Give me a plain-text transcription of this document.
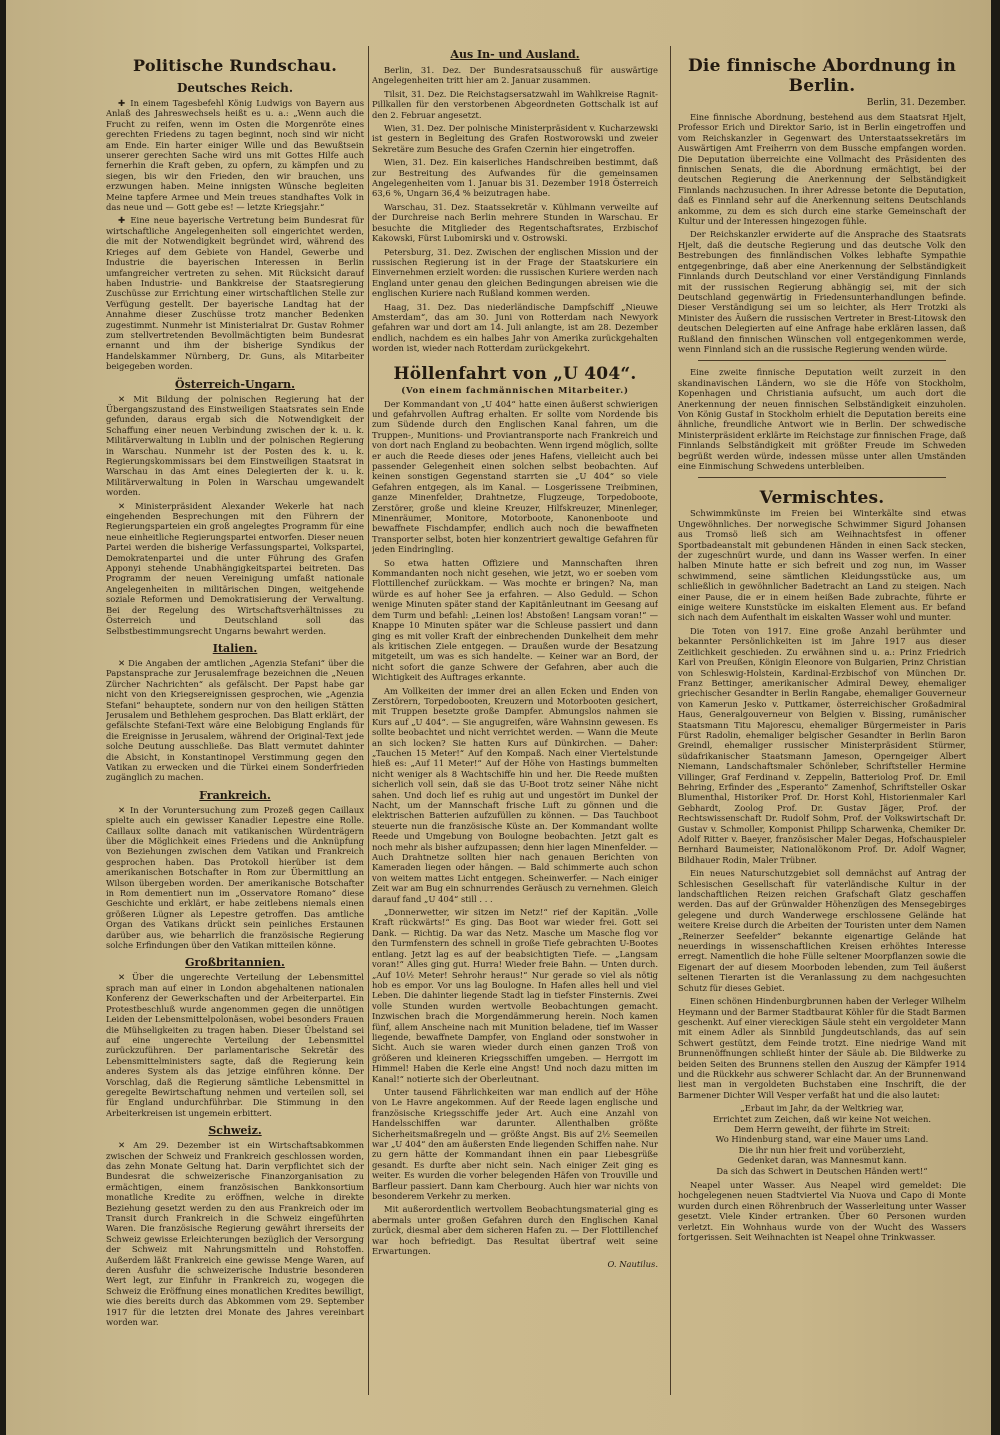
Politische Rundschau.
Deutsches Reich.

✚ In einem Tagesbefehl König Ludwigs von Bayern aus Anlaß des Jahreswechsels heißt es u. a.: „Wenn auch die Frucht zu reifen, wenn im Osten die Morgenröte eines gerechten Friedens zu tagen beginnt, noch sind wir nicht am Ende. Ein harter einiger Wille und das Bewußtsein unserer gerechten Sache wird uns mit Gottes Hilfe auch fernerhin die Kraft geben, zu opfern, zu kämpfen und zu siegen, bis wir den Frieden, den wir brauchen, uns erzwungen haben. Meine innigsten Wünsche begleiten Meine tapfere Armee und Mein treues standhaftes Volk in das neue und — Gott gebe es! — letzte Kriegsjahr.“

✚ Eine neue bayerische Vertretung beim Bundesrat für wirtschaftliche Angelegenheiten soll eingerichtet werden, die mit der Notwendigkeit begründet wird, während des Krieges auf dem Gebiete von Handel, Gewerbe und Industrie die bayerischen Interessen in Berlin umfangreicher vertreten zu sehen. Mit Rücksicht darauf haben Industrie- und Bankkreise der Staatsregierung Zuschüsse zur Errichtung einer wirtschaftlichen Stelle zur Verfügung gestellt. Der bayerische Landtag hat der Annahme dieser Zuschüsse trotz mancher Bedenken zugestimmt. Nunmehr ist Ministerialrat Dr. Gustav Rohmer zum stellvertretenden Bevollmächtigten beim Bundesrat ernannt und ihm der bisherige Syndikus der Handelskammer Nürnberg, Dr. Guns, als Mitarbeiter beigegeben worden.

Österreich-Ungarn.

✕ Mit Bildung der polnischen Regierung hat der Übergangszustand des Einstweiligen Staatsrates sein Ende gefunden, daraus ergab sich die Notwendigkeit der Schaffung einer neuen Verbindung zwischen der k. u. k. Militärverwaltung in Lublin und der polnischen Regierung in Warschau. Nunmehr ist der Posten des k. u. k. Regierungskommissars bei dem Einstweiligen Staatsrat in Warschau in das Amt eines Delegierten der k. u. k. Militärverwaltung in Polen in Warschau umgewandelt worden.

✕ Ministerpräsident Alexander Wekerle hat nach eingehenden Besprechungen mit den Führern der Regierungsparteien ein groß angelegtes Programm für eine neue einheitliche Regierungspartei entworfen. Dieser neuen Partei werden die bisherige Verfassungspartei, Volkspartei, Demokratenpartei und die unter Führung des Grafen Apponyi stehende Unabhängigkeitspartei beitreten. Das Programm der neuen Vereinigung umfaßt nationale Angelegenheiten in militärischen Dingen, weitgehende soziale Reformen und Demokratisierung der Verwaltung. Bei der Regelung des Wirtschaftsverhältnisses zu Österreich und Deutschland soll das Selbstbestimmungsrecht Ungarns bewahrt werden.

Italien.

✕ Die Angaben der amtlichen „Agenzia Stefani“ über die Papstansprache zur Jerusalemfrage bezeichnen die „Neuen Zürcher Nachrichten“ als gefälscht. Der Papst habe gar nicht von den Kriegsereignissen gesprochen, wie „Agenzia Stefani“ behauptete, sondern nur von den heiligen Stätten Jerusalem und Bethlehem gesprochen. Das Blatt erklärt, der gefälschte Stefani-Text wäre eine Belobigung Englands für die Ereignisse in Jerusalem, während der Original-Text jede solche Deutung ausschließe. Das Blatt vermutet dahinter die Absicht, in Konstantinopel Verstimmung gegen den Vatikan zu erwecken und die Türkei einem Sonderfrieden zugänglich zu machen.

Frankreich.

✕ In der Voruntersuchung zum Prozeß gegen Caillaux spielte auch ein gewisser Kanadier Lepestre eine Rolle. Caillaux sollte danach mit vatikanischen Würdenträgern über die Möglichkeit eines Friedens und die Anknüpfung von Beziehungen zwischen dem Vatikan und Frankreich gesprochen haben. Das Protokoll hierüber ist dem amerikanischen Botschafter in Rom zur Übermittlung an Wilson übergeben worden. Der amerikanische Botschafter in Rom dementiert nun im „Osservatore Romano“ diese Geschichte und erklärt, er habe zeitlebens niemals einen größeren Lügner als Lepestre getroffen. Das amtliche Organ des Vatikans drückt sein peinliches Erstaunen darüber aus, wie beharrlich die französische Regierung solche Erfindungen über den Vatikan mitteilen könne.

Großbritannien.

✕ Über die ungerechte Verteilung der Lebensmittel sprach man auf einer in London abgehaltenen nationalen Konferenz der Gewerkschaften und der Arbeiterpartei. Ein Protestbeschluß wurde angenommen gegen die unnötigen Leiden der Lebensmittelpolonäsen, wobei besonders Frauen die Mühseligkeiten zu tragen haben. Dieser Übelstand sei auf eine ungerechte Verteilung der Lebensmittel zurückzuführen. Der parlamentarische Sekretär des Lebensmittelministers sagte, daß die Regierung kein anderes System als das jetzige einführen könne. Der Vorschlag, daß die Regierung sämtliche Lebensmittel in geregelte Bewirtschaftung nehmen und verteilen soll, sei für England undurchführbar. Die Stimmung in den Arbeiterkreisen ist ungemein erbittert.

Schweiz.

✕ Am 29. Dezember ist ein Wirtschaftsabkommen zwischen der Schweiz und Frankreich geschlossen worden, das zehn Monate Geltung hat. Darin verpflichtet sich der Bundesrat die schweizerische Finanzorganisation zu ermächtigen, einem französischen Bankkonsortium monatliche Kredite zu eröffnen, welche in direkte Beziehung gesetzt werden zu den aus Frankreich oder im Transit durch Frankreich in die Schweiz eingeführten Waren. Die französische Regierung gewährt ihrerseits der Schweiz gewisse Erleichterungen bezüglich der Versorgung der Schweiz mit Nahrungsmitteln und Rohstoffen. Außerdem läßt Frankreich eine gewisse Menge Waren, auf deren Ausfuhr die schweizerische Industrie besonderen Wert legt, zur Einfuhr in Frankreich zu, wogegen die Schweiz die Eröffnung eines monatlichen Kredites bewilligt, wie dies bereits durch das Abkommen vom 29. September 1917 für die letzten drei Monate des Jahres vereinbart worden war.

Aus In- und Ausland.

Berlin, 31. Dez. Der Bundesratsausschuß für auswärtige Angelegenheiten tritt hier am 2. Januar zusammen.

Tilsit, 31. Dez. Die Reichstagsersatzwahl im Wahlkreise Ragnit-Pillkallen für den verstorbenen Abgeordneten Gottschalk ist auf den 2. Februar angesetzt.

Wien, 31. Dez. Der polnische Ministerpräsident v. Kucharzewski ist gestern in Begleitung des Grafen Rostworowski und zweier Sekretäre zum Besuche des Grafen Czernin hier eingetroffen.

Wien, 31. Dez. Ein kaiserliches Handschreiben bestimmt, daß zur Bestreitung des Aufwandes für die gemeinsamen Angelegenheiten vom 1. Januar bis 31. Dezember 1918 Österreich 63,6 %, Ungarn 36,4 % beizutragen habe.

Warschau, 31. Dez. Staatssekretär v. Kühlmann verweilte auf der Durchreise nach Berlin mehrere Stunden in Warschau. Er besuchte die Mitglieder des Regentschaftsrates, Erzbischof Kakowski, Fürst Lubomirski und v. Ostrowski.

Petersburg, 31. Dez. Zwischen der englischen Mission und der russischen Regierung ist in der Frage der Staatskuriere ein Einvernehmen erzielt worden: die russischen Kuriere werden nach England unter genau den gleichen Bedingungen abreisen wie die englischen Kuriere nach Rußland kommen werden.

Haag, 31. Dez. Das niederländische Dampfschiff „Nieuwe Amsterdam“, das am 30. Juni von Rotterdam nach Newyork gefahren war und dort am 14. Juli anlangte, ist am 28. Dezember endlich, nachdem es ein halbes Jahr von Amerika zurückgehalten worden ist, wieder nach Rotterdam zurückgekehrt.

Höllenfahrt von „U 404“.
(Von einem fachmännischen Mitarbeiter.)

Der Kommandant von „U 404“ hatte einen äußerst schwierigen und gefahrvollen Auftrag erhalten. Er sollte vom Nordende bis zum Südende durch den Englischen Kanal fahren, um die Truppen-, Munitions- und Proviantransporte nach Frankreich und von dort nach England zu beobachten. Wenn irgend möglich, sollte er auch die Reede dieses oder jenes Hafens, vielleicht auch bei passender Gelegenheit einen solchen selbst beobachten. Auf keinen sonstigen Gegenstand starrten sie „U 404“ so viele Gefahren entgegen, als im Kanal. — Losgerissene Treibminen, ganze Minenfelder, Drahtnetze, Flugzeuge, Torpedoboote, Zerstörer, große und kleine Kreuzer, Hilfskreuzer, Minenleger, Minenräumer, Monitore, Motorboote, Kanonenboote und bewaffnete Fischdampfer, endlich auch noch die bewaffneten Transporter selbst, boten hier konzentriert gewaltige Gefahren für jeden Eindringling.

So etwa hatten Offiziere und Mannschaften ihren Kommandanten noch nicht gesehen, wie jetzt, wo er soeben vom Flottillenchef zurückkam. — Was mochte er bringen? Na, man würde es auf hoher See ja erfahren. — Also Geduld. — Schon wenige Minuten später stand der Kapitänleutnant im Geesang auf dem Turm und befahl: „Leinen los! Abstoßen! Langsam voran!“ — Knappe 10 Minuten später war die Schleuse passiert und dann ging es mit voller Kraft der einbrechenden Dunkelheit dem mehr als kritischen Ziele entgegen. — Draußen wurde der Besatzung mitgeteilt, um was es sich handelte. — Keiner war an Bord, der nicht sofort die ganze Schwere der Gefahren, aber auch die Wichtigkeit des Auftrages erkannte.

Am Vollkeiten der immer drei an allen Ecken und Enden von Zerstörern, Torpedobooten, Kreuzern und Motorbooten gesichert, mit Truppen besetzte große Dampfer. Abmungslos nahmen sie Kurs auf „U 404“. — Sie angugreifen, wäre Wahnsinn gewesen. Es sollte beobachtet und nicht verrichtet werden. — Wann die Meute an sich locken? Sie hatten Kurs auf Dünkirchen. — Daher: „Tauchen 15 Meter!“ Auf den Kompaß. Nach einer Viertelstunde hieß es: „Auf 11 Meter!“ Auf der Höhe von Hastings bummelten nicht weniger als 8 Wachtschiffe hin und her. Die Reede mußten sicherlich voll sein, daß sie das U-Boot trotz seiner Nähe nicht sahen. Und doch lief es ruhig aut und ungestört im Dunkel der Nacht, um der Mannschaft frische Luft zu gönnen und die elektrischen Batterien aufzufüllen zu können. — Das Tauchboot steuerte nun die französische Küste an. Der Kommandant wollte Reede und Umgebung von Boulogne beobachten. Jetzt galt es noch mehr als bisher aufzupassen; denn hier lagen Minenfelder. — Auch Drahtnetze sollten hier nach genauen Berichten von Kameraden liegen oder hängen. — Bald schimmerte auch schon von weitem mattes Licht entgegen. Scheinwerfer. — Nach einiger Zeit war am Bug ein schnurrendes Geräusch zu vernehmen. Gleich darauf fand „U 404“ still . . .

„Donnerwetter, wir sitzen im Netz!“ rief der Kapitän. „Volle Kraft rückwärts!“ Es ging. Das Boot war wieder frei. Gott sei Dank. — Richtig. Da war das Netz. Masche um Masche flog vor den Turmfenstern des schnell in große Tiefe gebrachten U-Bootes entlang. Jetzt lag es auf der beabsichtigten Tiefe. — „Langsam voran!“ Alles ging gut. Hurra! Wieder freie Bahn. — Unten durch. „Auf 10½ Meter! Sehrohr heraus!“ Nur gerade so viel als nötig hob es empor. Vor uns lag Boulogne. In Hafen alles hell und viel Leben. Die dahinter liegende Stadt lag in tiefster Finsternis. Zwei volle Stunden wurden wertvolle Beobachtungen gemacht. Inzwischen brach die Morgendämmerung herein. Noch kamen fünf, allem Anscheine nach mit Munition beladene, tief im Wasser liegende, bewaffnete Dampfer, von England oder sonstwoher in Sicht. Auch sie waren wieder durch einen ganzen Troß von größeren und kleineren Kriegsschiffen umgeben. — Herrgott im Himmel! Haben die Kerle eine Angst! Und noch dazu mitten im Kanal!“ notierte sich der Oberleutnant.

Unter tausend Fährlichkeiten war man endlich auf der Höhe von Le Havre angekommen. Auf der Reede lagen englische und französische Kriegsschiffe jeder Art. Auch eine Anzahl von Handelsschiffen war darunter. Allenthalben größte Sicherheitsmaßregeln und — größte Angst. Bis auf 2½ Seemeilen war „U 404“ den am äußersten Ende liegenden Schiffen nahe. Nur zu gern hätte der Kommandant ihnen ein paar Liebesgrüße gesandt. Es durfte aber nicht sein. Nach einiger Zeit ging es weiter. Es wurden die vorher belegenden Häfen von Trouville und Barfleur passiert. Dann kam Cherbourg. Auch hier war nichts von besonderem Verkehr zu merken.

Mit außerordentlich wertvollem Beobachtungsmaterial ging es abermals unter großen Gefahren durch den Englischen Kanal zurück, diesmal aber dem sicheren Hafen zu. — Der Flottillenchef war hoch befriedigt. Das Resultat übertraf weit seine Erwartungen.

O. Nautilus.
Die finnische Abordnung in Berlin.
Berlin, 31. Dezember.

Eine finnische Abordnung, bestehend aus dem Staatsrat Hjelt, Professor Erich und Direktor Sario, ist in Berlin eingetroffen und vom Reichskanzler in Gegenwart des Unterstaatssekretärs im Auswärtigen Amt Freiherrn von dem Bussche empfangen worden. Die Deputation überreichte eine Vollmacht des Präsidenten des finnischen Senats, die die Abordnung ermächtigt, bei der deutschen Regierung die Anerkennung der Selbständigkeit Finnlands nachzusuchen. In ihrer Adresse betonte die Deputation, daß es Finnland sehr auf die Anerkennung seitens Deutschlands ankomme, zu dem es sich durch eine starke Gemeinschaft der Kultur und der Interessen hingezogen fühle.

Der Reichskanzler erwiderte auf die Ansprache des Staatsrats Hjelt, daß die deutsche Regierung und das deutsche Volk den Bestrebungen des finnländischen Volkes lebhafte Sympathie entgegenbringe, daß aber eine Anerkennung der Selbständigkeit Finnlands durch Deutschland vor einer Verständigung Finnlands mit der russischen Regierung abhängig sei, mit der sich Deutschland gegenwärtig in Friedensunterhandlungen befinde. Dieser Verständigung sei um so leichter, als Herr Trotzki als Minister des Äußern die russischen Vertreter in Brest-Litowsk den deutschen Delegierten auf eine Anfrage habe erklären lassen, daß Rußland den finnischen Wünschen voll entgegenkommen werde, wenn Finnland sich an die russische Regierung wenden würde.

Eine zweite finnische Deputation weilt zurzeit in den skandinavischen Ländern, wo sie die Höfe von Stockholm, Kopenhagen und Christiania aufsucht, um auch dort die Anerkennung der neuen finnischen Selbständigkeit einzuholen. Von König Gustaf in Stockholm erhielt die Deputation bereits eine ähnliche, freundliche Antwort wie in Berlin. Der schwedische Ministerpräsident erklärte im Reichstage zur finnischen Frage, daß Finnlands Selbständigkeit mit größter Freude im Schweden begrüßt werden würde, indessen müsse unter allen Umständen eine Einmischung Schwedens unterbleiben.

Vermischtes.

Schwimmkünste im Freien bei Winterkälte sind etwas Ungewöhnliches. Der norwegische Schwimmer Sigurd Johansen aus Tromsö ließ sich am Weihnachtsfest in offener Sportbadeanstalt mit gebundenen Händen in einen Sack stecken, der zugeschnürt wurde, und dann ins Wasser werfen. In einer halben Minute hatte er sich befreit und zog nun, im Wasser schwimmend, seine sämtlichen Kleidungsstücke aus, um schließlich in gewöhnlicher Badetracht an Land zu steigen. Nach einer Pause, die er in einem heißen Bade zubrachte, führte er einige weitere Kunststücke im eiskalten Element aus. Er befand sich nach dem Aufenthalt im eiskalten Wasser wohl und munter.

Die Toten von 1917. Eine große Anzahl berühmter und bekannter Persönlichkeiten ist im Jahre 1917 aus dieser Zeitlichkeit geschieden. Zu erwähnen sind u. a.: Prinz Friedrich Karl von Preußen, Königin Eleonore von Bulgarien, Prinz Christian von Schleswig-Holstein, Kardinal-Erzbischof von München Dr. Franz Bettinger, amerikanischer Admiral Dewey, ehemaliger griechischer Gesandter in Berlin Rangabe, ehemaliger Gouverneur von Kamerun Jesko v. Puttkamer, österreichischer Großadmiral Haus, Generalgouverneur von Belgien v. Bissing, rumänischer Staatsmann Titu Majorescu, ehemaliger Bürgermeister in Paris Fürst Radolin, ehemaliger belgischer Gesandter in Berlin Baron Greindl, ehemaliger russischer Ministerpräsident Stürmer, südafrikanischer Staatsmann Jameson, Operngeiger Albert Niemann, Landschaftsmaler Schönleber, Schriftsteller Hermine Villinger, Graf Ferdinand v. Zeppelin, Batteriolog Prof. Dr. Emil Behring, Erfinder des „Esperanto“ Zamenhof, Schriftsteller Oskar Blumenthal, Historiker Prof. Dr. Horst Kohl, Historienmaler Karl Gebhardt, Zoolog Prof. Dr. Gustav Jäger, Prof. der Rechtswissenschaft Dr. Rudolf Sohm, Prof. der Volkswirtschaft Dr. Gustav v. Schmoller, Komponist Philipp Scharwenka, Chemiker Dr. Adolf Ritter v. Baeyer, französischer Maler Degas, Hofschauspieler Bernhard Baumeister, Nationalökonom Prof. Dr. Adolf Wagner, Bildhauer Rodin, Maler Trübner.

Ein neues Naturschutzgebiet soll demnächst auf Antrag der Schlesischen Gesellschaft für vaterländische Kultur in der landschaftlichen Reizen reichen Grafschaft Glatz geschaffen werden. Das auf der Grünwalder Höhenzügen des Mensegebirges gelegene und durch Wanderwege erschlossene Gelände hat weitere Kreise durch die Arbeiten der Touristen unter dem Namen „Reinerzer Seefelder“ bekannte eigenartige Gelände hat neuerdings in wissenschaftlichen Kreisen erhöhtes Interesse erregt. Namentlich die hohe Fülle seltener Moorpflanzen sowie die Eigenart der auf diesem Moorboden lebenden, zum Teil äußerst seltenen Tierarten ist die Veranlassung zu dem nachgesuchten Schutz für dieses Gebiet.

Einen schönen Hindenburgbrunnen haben der Verleger Wilhelm Heymann und der Barmer Stadtbaurat Köhler für die Stadt Barmen geschenkt. Auf einer viereckigen Säule steht ein vergoldeter Mann mit einem Adler als Sinnbild Jungdeutschlands, das auf sein Schwert gestützt, dem Feinde trotzt. Eine niedrige Wand mit Brunnenöffnungen schließt hinter der Säule ab. Die Bildwerke zu beiden Seiten des Brunnens stellen den Auszug der Kämpfer 1914 und die Rückkehr aus schwerer Schlacht dar. An der Brunnenwand liest man in vergoldeten Buchstaben eine Inschrift, die der Barmener Dichter Will Vesper verfaßt hat und die also lautet:

„Erbaut im Jahr, da der Weltkrieg war,
Errichtet zum Zeichen, daß wir keine Not weichen.
Dem Herrn geweiht, der führte im Streit:
Wo Hindenburg stand, war eine Mauer ums Land.
Die ihr nun hier freit und vorüberzieht,
Gedenket daran, was Mannesmut kann.
Da sich das Schwert in Deutschen Händen wert!“

Neapel unter Wasser. Aus Neapel wird gemeldet: Die hochgelegenen neuen Stadtviertel Via Nuova und Capo di Monte wurden durch einen Röhrenbruch der Wasserleitung unter Wasser gesetzt. Viele Kinder ertranken. Über 60 Personen wurden verletzt. Ein Wohnhaus wurde von der Wucht des Wassers fortgerissen. Seit Weihnachten ist Neapel ohne Trinkwasser.
